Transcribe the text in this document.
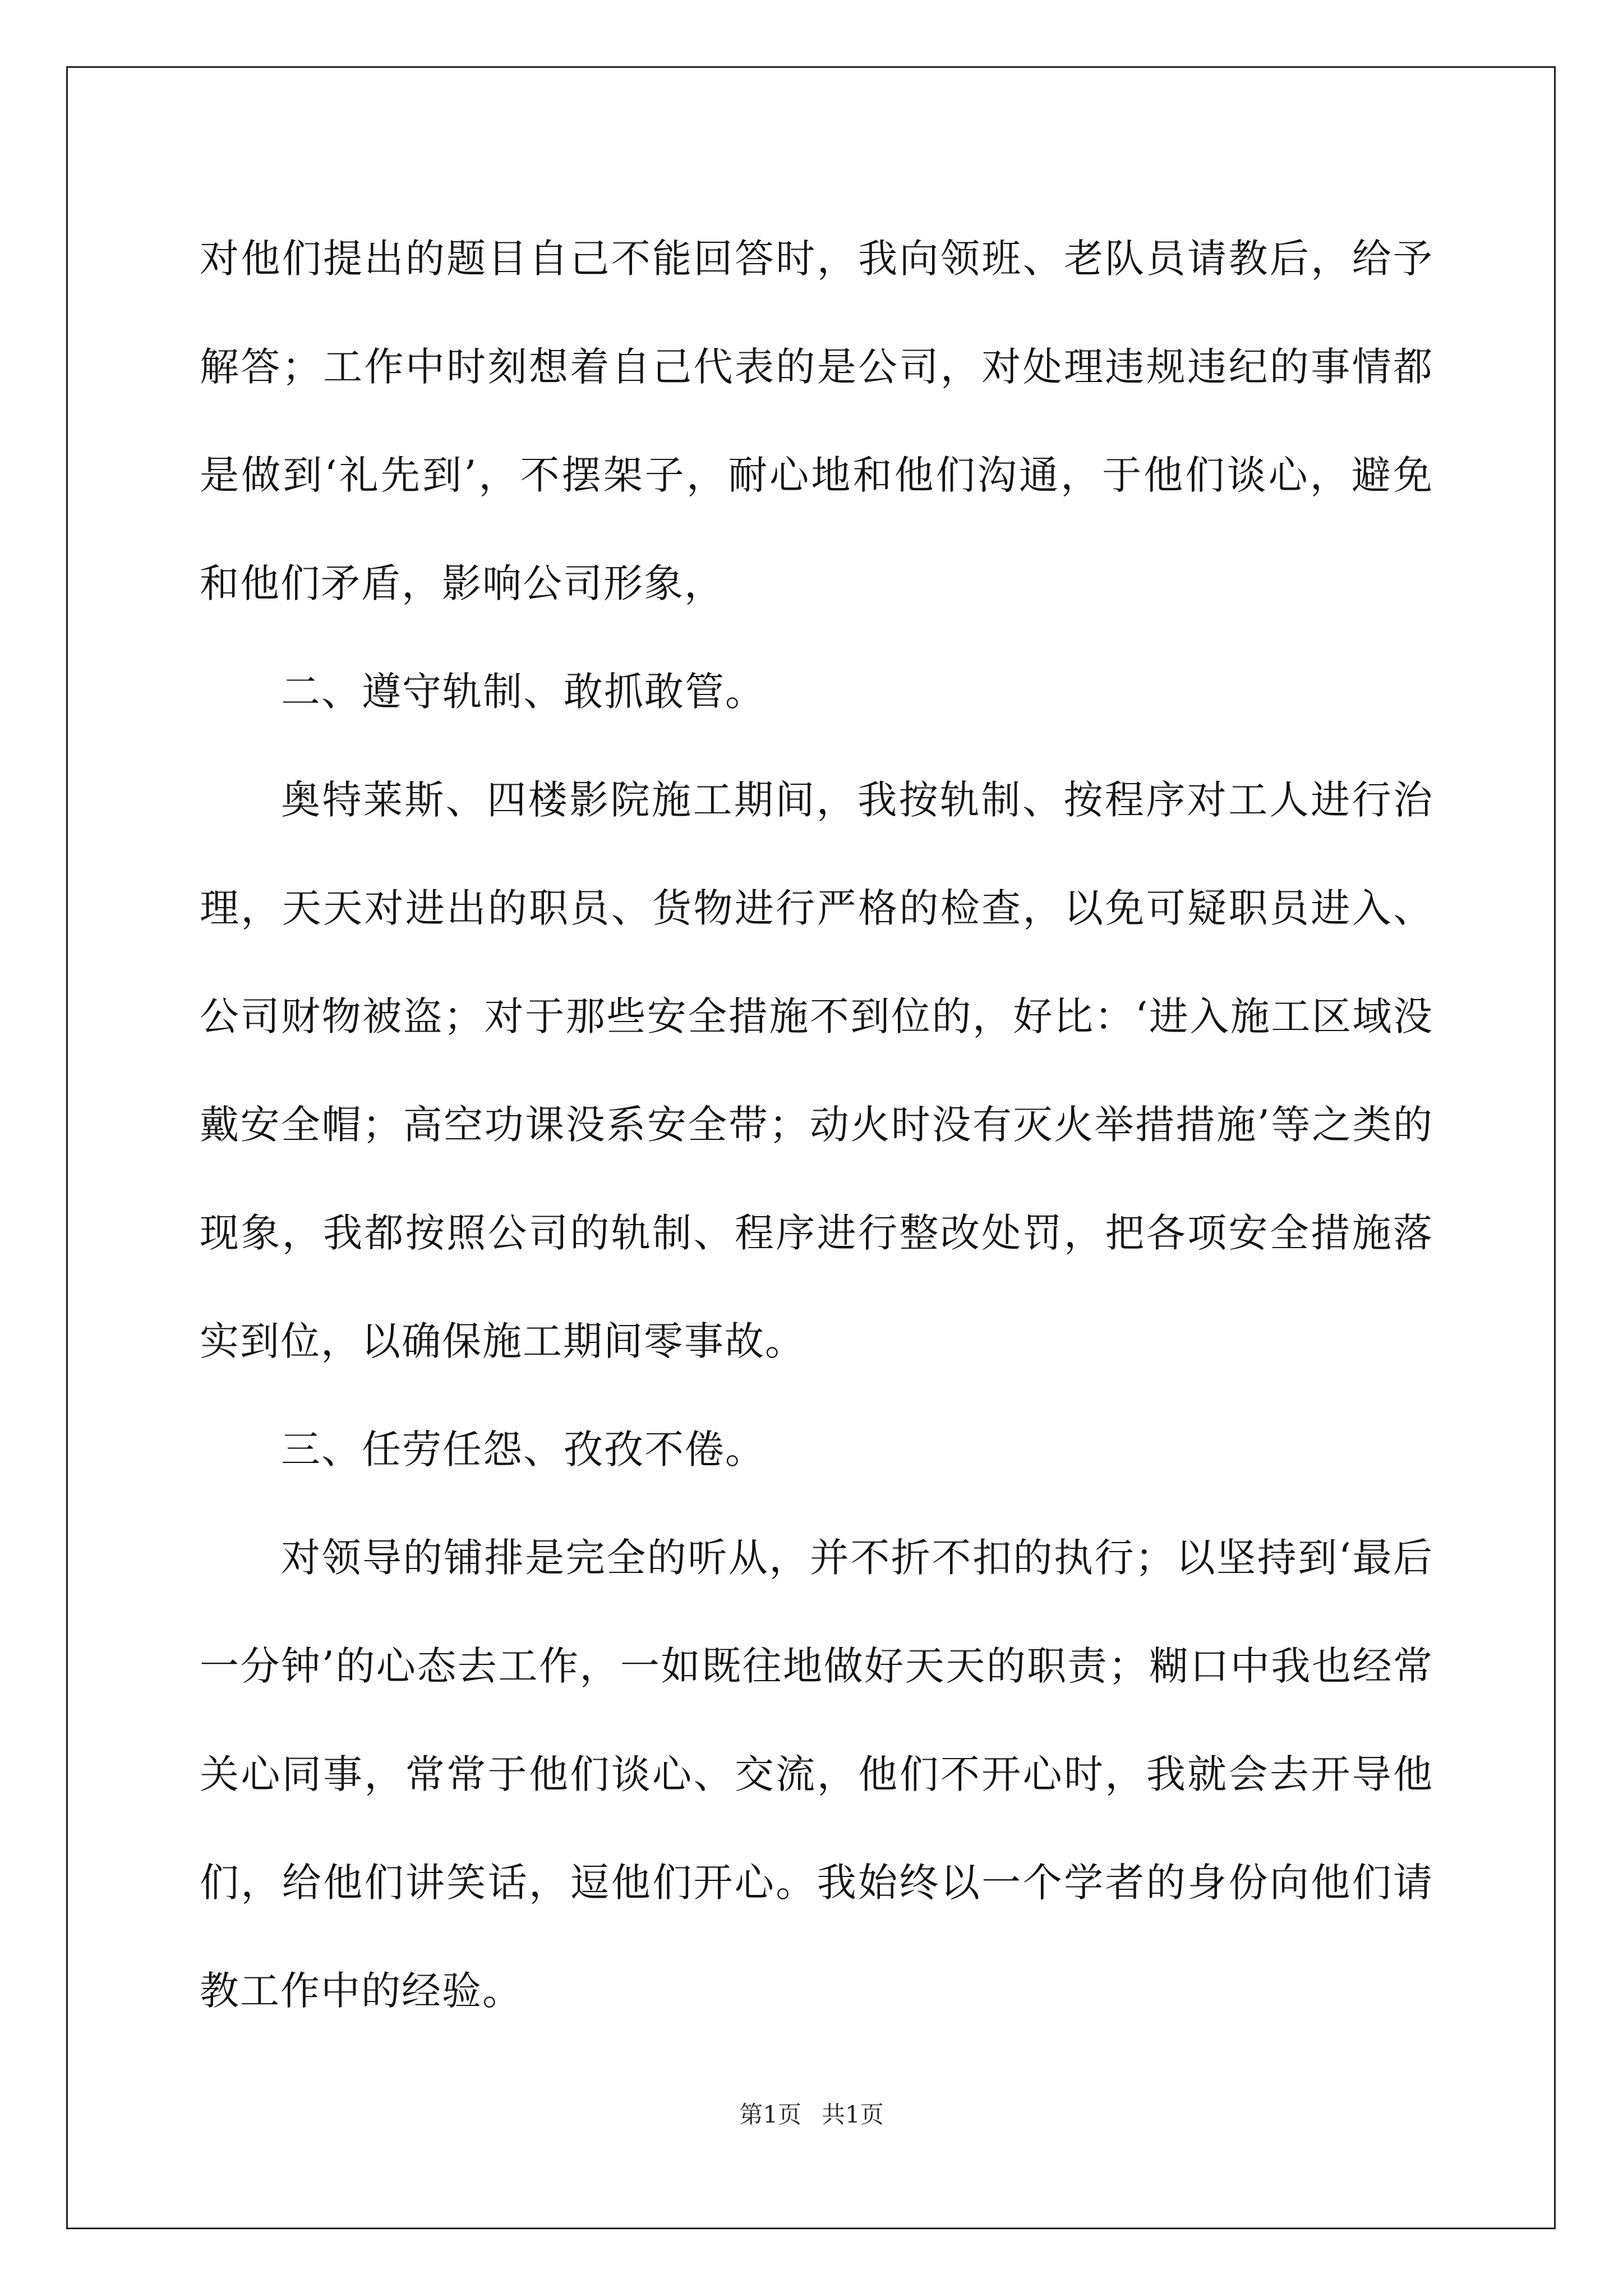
对他们提出的题目自己不能回答时，我向领班、老队员请教后，给予解答；工作中时刻想着自己代表的是公司，对处理违规违纪的事情都是做到‘礼先到’，不摆架子，耐心地和他们沟通，于他们谈心，避免和他们矛盾，影响公司形象，

二、遵守轨制、敢抓敢管。

奥特莱斯、四楼影院施工期间，我按轨制、按程序对工人进行治理，天天对进出的职员、货物进行严格的检查，以免可疑职员进入、公司财物被盗；对于那些安全措施不到位的，好比：‘进入施工区域没戴安全帽；高空功课没系安全带；动火时没有灭火举措措施’等之类的现象，我都按照公司的轨制、程序进行整改处罚，把各项安全措施落实到位，以确保施工期间零事故。

三、任劳任怨、孜孜不倦。

对领导的铺排是完全的听从，并不折不扣的执行；以坚持到‘最后一分钟’的心态去工作，一如既往地做好天天的职责；糊口中我也经常关心同事，常常于他们谈心、交流，他们不开心时，我就会去开导他们，给他们讲笑话，逗他们开心。我始终以一个学者的身份向他们请教工作中的经验。

第1页 共1页
